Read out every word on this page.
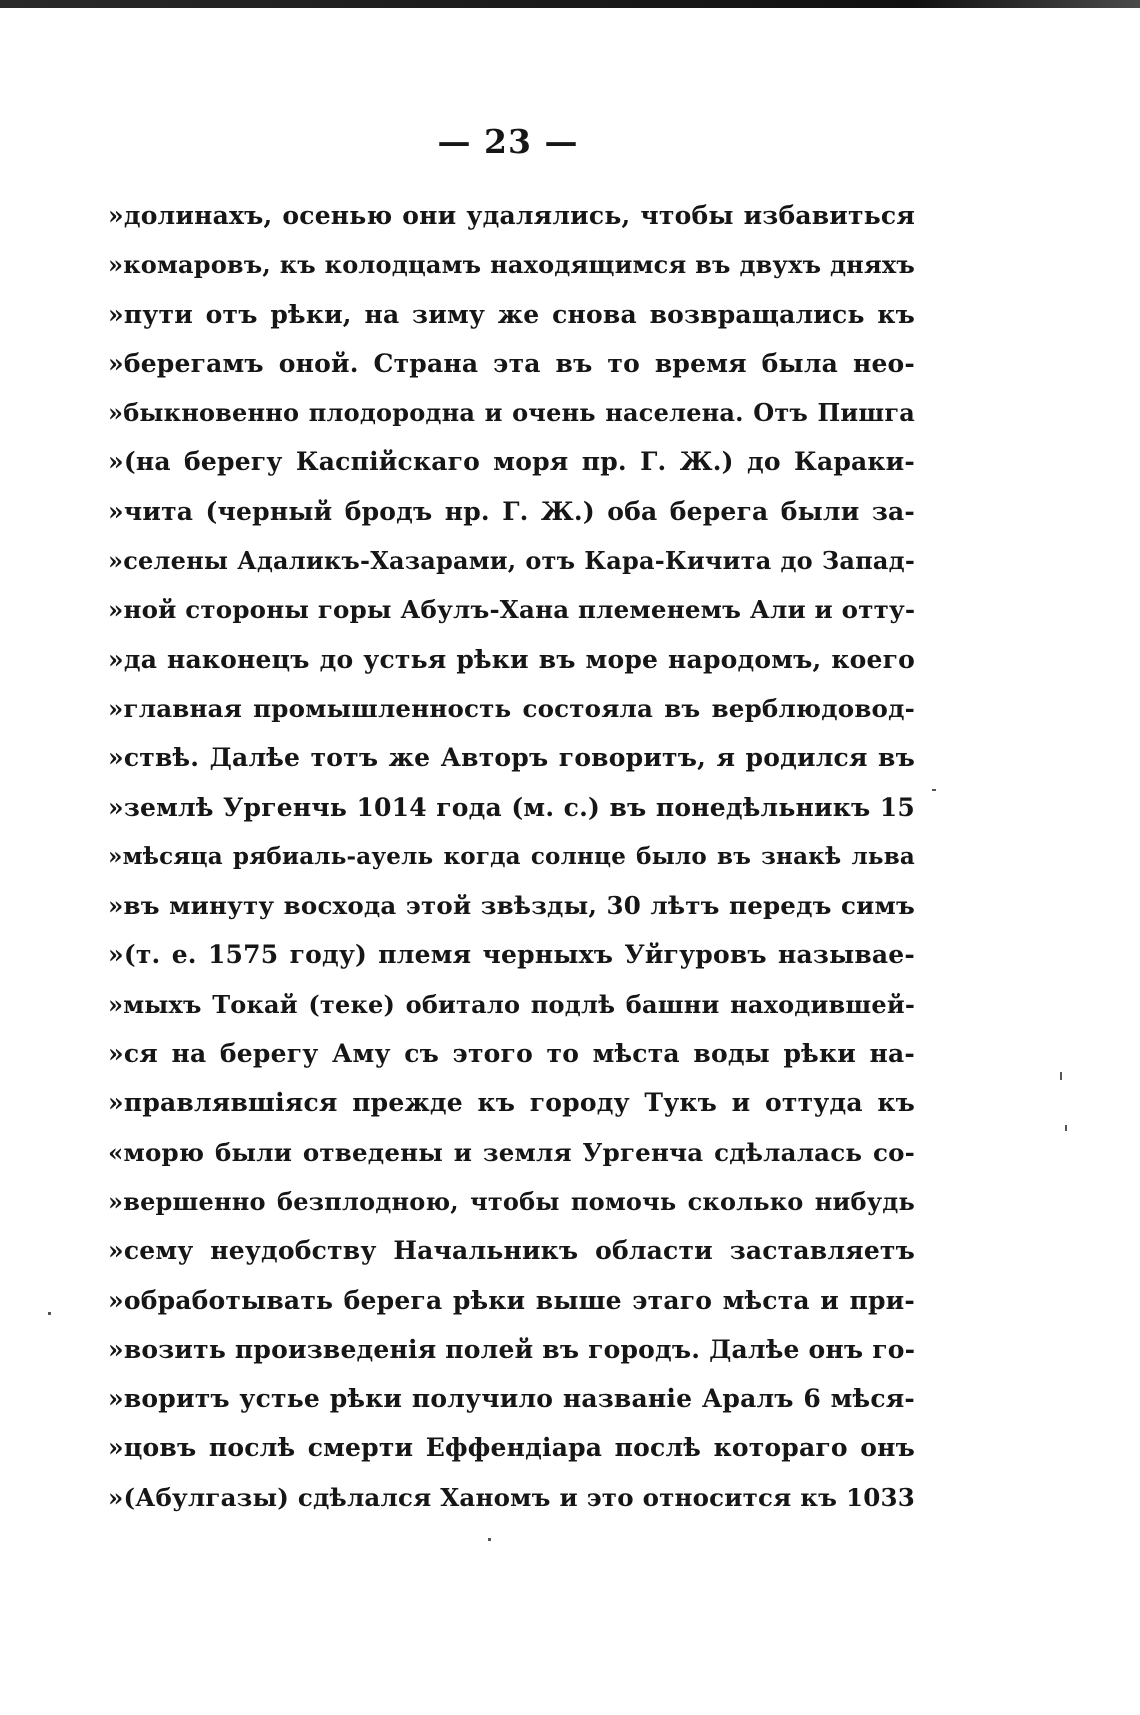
— 23 —
»долинахъ, осенью они удалялись, чтобы избавиться
»комаровъ, къ колодцамъ находящимся въ двухъ дняхъ
»пути отъ рѣки, на зиму же снова возвращались къ
»берегамъ оной. Страна эта въ то время была нео-
»быкновенно плодородна и очень населена. Отъ Пишга
»(на берегу Каспійскаго моря пр. Г. Ж.) до Караки-
»чита (черный бродъ нр. Г. Ж.) оба берега были за-
»селены Адаликъ-Хазарами, отъ Кара-Кичита до Запад-
»ной стороны горы Абулъ-Хана племенемъ Али и отту-
»да наконецъ до устья рѣки въ море народомъ, коего
»главная промышленность состояла въ верблюдовод-
»ствѣ. Далѣе тотъ же Авторъ говоритъ, я родился въ
»землѣ Ургенчь 1014 года (м. с.) въ понедѣльникъ 15
»мѣсяца рябиаль-ауель когда солнце было въ знакѣ льва
»въ минуту восхода этой звѣзды, 30 лѣтъ передъ симъ
»(т. е. 1575 году) племя черныхъ Уйгуровъ называе-
»мыхъ Токай (теке) обитало подлѣ башни находившей-
»ся на берегу Аму съ этого то мѣста воды рѣки на-
»правлявшіяся прежде къ городу Тукъ и оттуда къ
«морю были отведены и земля Ургенча сдѣлалась со-
»вершенно безплодною, чтобы помочь сколько нибудь
»сему неудобству Начальникъ области заставляетъ
»обработывать берега рѣки выше этаго мѣста и при-
»возить произведенія полей въ городъ. Далѣе онъ го-
»воритъ устье рѣки получило названіе Аралъ 6 мѣся-
»цовъ послѣ смерти Еффендіара послѣ котораго онъ
»(Абулгазы) сдѣлался Ханомъ и это относится къ 1033
